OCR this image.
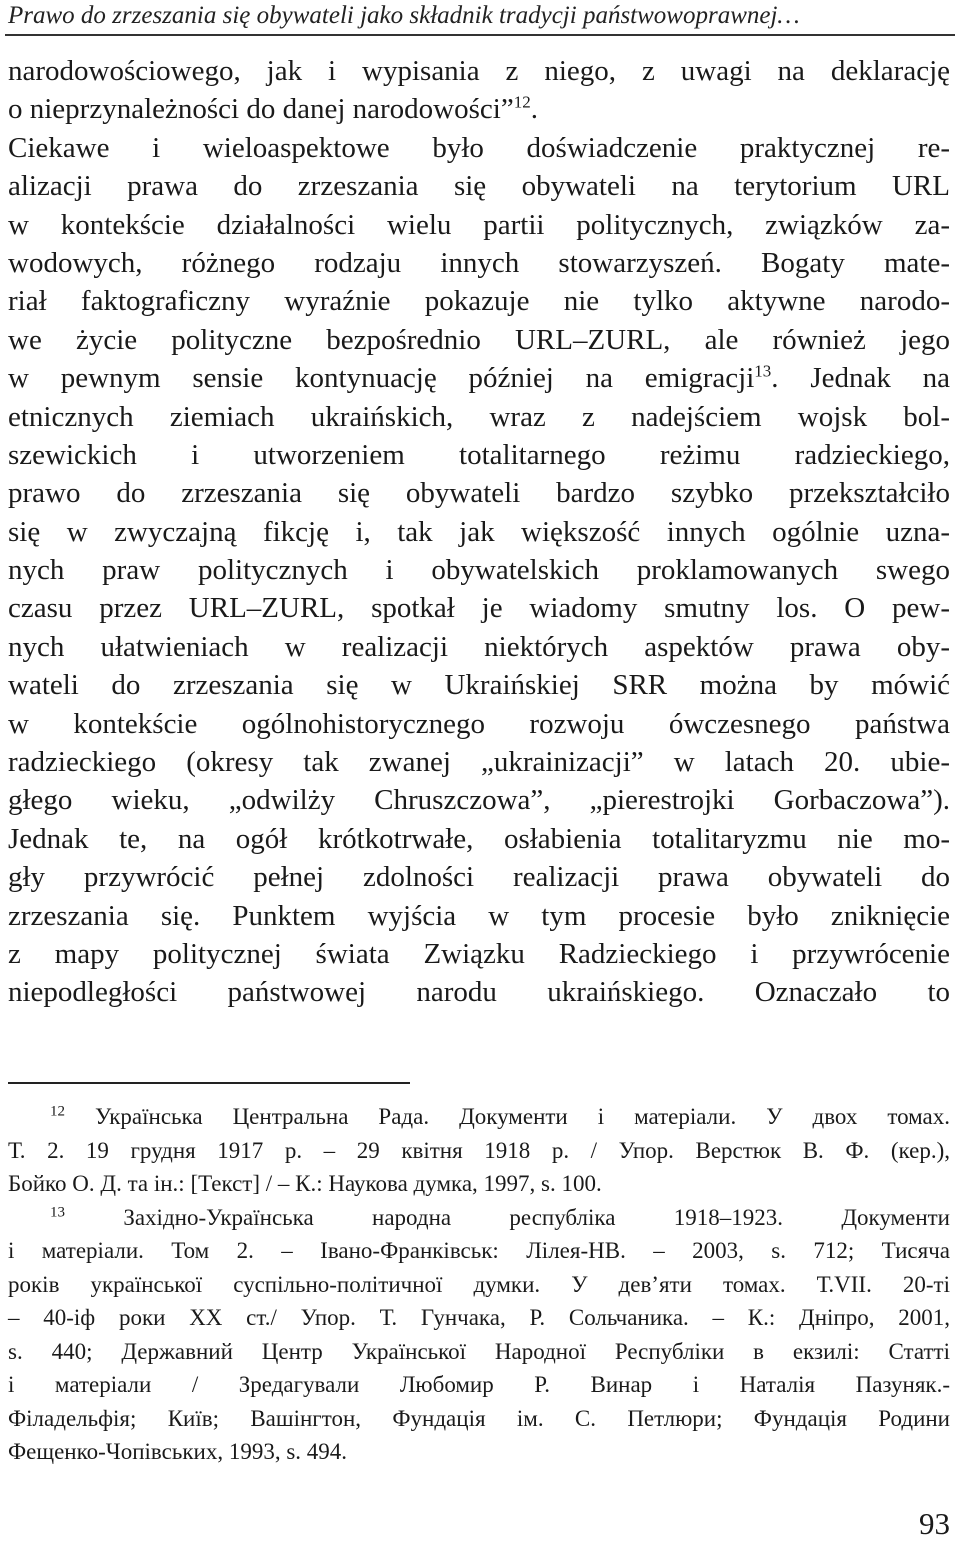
Prawo do zrzeszania się obywateli jako składnik tradycji państwowoprawnej…
narodowościowego, jak i wypisania z niego, z uwagi na deklarację
o nieprzynależności do danej narodowości”$^{12}$.
Ciekawe i wieloaspektowe było doświadczenie praktycznej re-
alizacji prawa do zrzeszania się obywateli na terytorium URL
w kontekście działalności wielu partii politycznych, związków za-
wodowych, różnego rodzaju innych stowarzyszeń. Bogaty mate-
riał faktograficzny wyraźnie pokazuje nie tylko aktywne narodo-
we życie polityczne bezpośrednio URL–ZURL, ale również jego
w pewnym sensie kontynuację później na emigracji$^{13}$. Jednak na
etnicznych ziemiach ukraińskich, wraz z nadejściem wojsk bol-
szewickich i utworzeniem totalitarnego reżimu radzieckiego,
prawo do zrzeszania się obywateli bardzo szybko przekształciło
się w zwyczajną fikcję i, tak jak większość innych ogólnie uzna-
nych praw politycznych i obywatelskich proklamowanych swego
czasu przez URL–ZURL, spotkał je wiadomy smutny los. O pew-
nych ułatwieniach w realizacji niektórych aspektów prawa oby-
wateli do zrzeszania się w Ukraińskiej SRR można by mówić
w kontekście ogólnohistorycznego rozwoju ówczesnego państwa
radzieckiego (okresy tak zwanej „ukrainizacji” w latach 20. ubie-
głego wieku, „odwilży Chruszczowa”, „pierestrojki Gorbaczowa”).
Jednak te, na ogół krótkotrwałe, osłabienia totalitaryzmu nie mo-
gły przywrócić pełnej zdolności realizacji prawa obywateli do
zrzeszania się. Punktem wyjścia w tym procesie było zniknięcie
z mapy politycznej świata Związku Radzieckiego i przywrócenie
niepodległości państwowej narodu ukraińskiego. Oznaczało to
$^{12}$ Українська Центральна Рада. Документи і матеріали. У двох томах.
Т. 2. 19 грудня 1917 р. – 29 квітня 1918 р. / Упор. Верстюк В. Ф. (кер.),
Бойко О. Д. та ін.: [Текст] / – К.: Наукова думка, 1997, s. 100.
$^{13}$ Західно-Українська народна республіка 1918–1923. Документи
і матеріали. Том 2. – Івано-Франківськ: Лілея-НВ. – 2003, s. 712; Тисяча
років української суспільно-політичної думки. У дев’яти томах. Т.VII. 20-ті
– 40-іф роки ХХ ст./ Упор. Т. Гунчака, Р. Сольчаника. – К.: Дніпро, 2001,
s. 440; Державний Центр Української Народної Республіки в екзилі: Статті
і матеріали / Зредагували Любомир Р. Винар і Наталія Пазуняк.-
Філадельфія; Київ; Вашінгтон, Фундація ім. С. Петлюри; Фундація Родини
Фещенко-Чопівських, 1993, s. 494.
93
